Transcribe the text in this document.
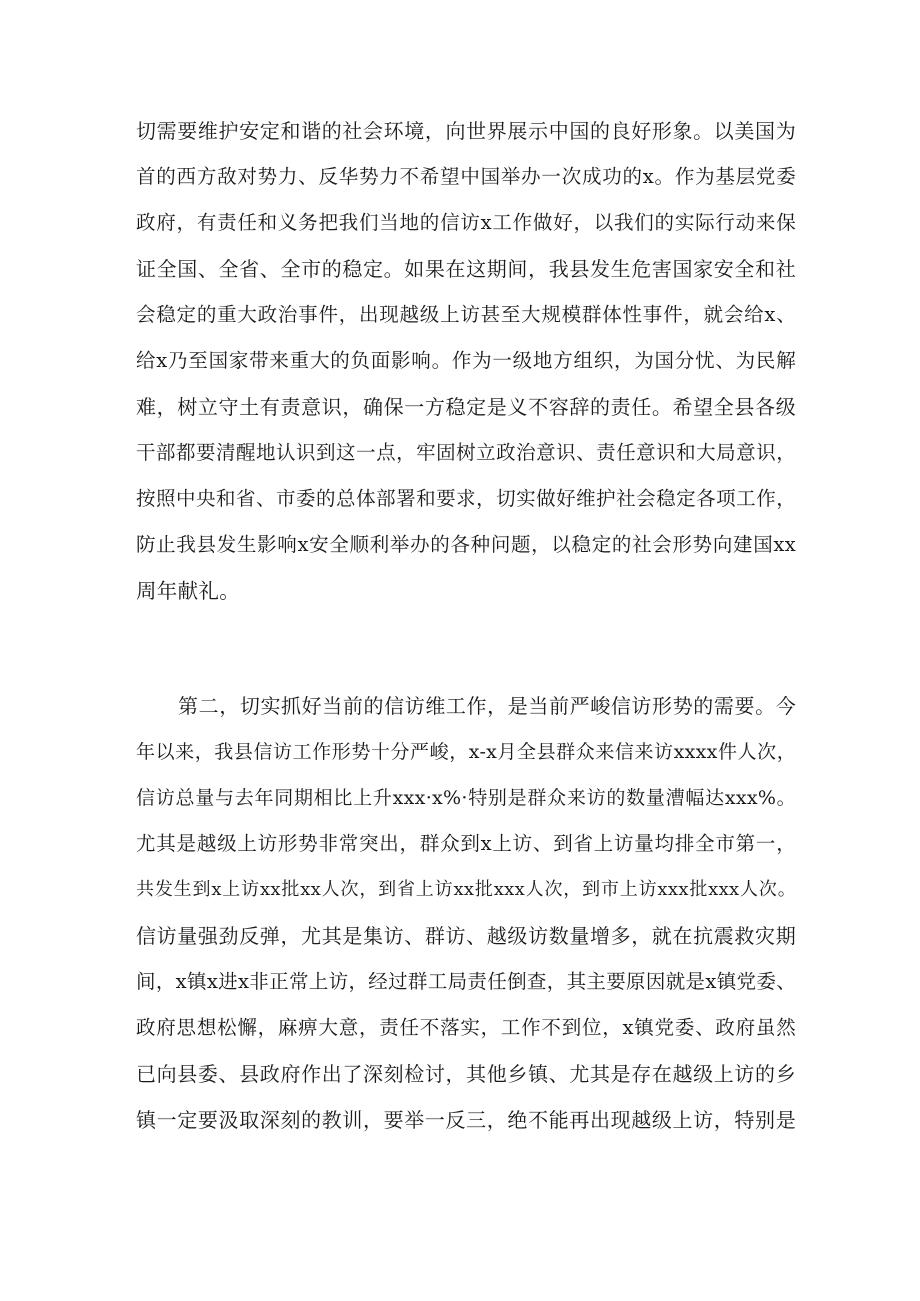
切需要维护安定和谐的社会环境，向世界展示中国的良好形象。以美国为
首的西方敌对势力、反华势力不希望中国举办一次成功的x。作为基层党委
政府，有责任和义务把我们当地的信访x工作做好，以我们的实际行动来保
证全国、全省、全市的稳定。如果在这期间，我县发生危害国家安全和社
会稳定的重大政治事件，出现越级上访甚至大规模群体性事件，就会给x、
给x乃至国家带来重大的负面影响。作为一级地方组织，为国分忧、为民解
难，树立守土有责意识，确保一方稳定是义不容辞的责任。希望全县各级
干部都要清醒地认识到这一点，牢固树立政治意识、责任意识和大局意识，
按照中央和省、市委的总体部署和要求，切实做好维护社会稳定各项工作，
防止我县发生影响x安全顺利举办的各种问题，以稳定的社会形势向建国xx
周年献礼。
第二，切实抓好当前的信访维工作，是当前严峻信访形势的需要。今
年以来，我县信访工作形势十分严峻，x-x月全县群众来信来访xxxx件人次，
信访总量与去年同期相比上升xxx·x%·特别是群众来访的数量漕幅达xxx%。
尤其是越级上访形势非常突出，群众到x上访、到省上访量均排全市第一，
共发生到x上访xx批xx人次，到省上访xx批xxx人次，到市上访xxx批xxx人次。
信访量强劲反弹，尤其是集访、群访、越级访数量增多，就在抗震救灾期
间，x镇x进x非正常上访，经过群工局责任倒查，其主要原因就是x镇党委、
政府思想松懈，麻痹大意，责任不落实，工作不到位，x镇党委、政府虽然
已向县委、县政府作出了深刻检讨，其他乡镇、尤其是存在越级上访的乡
镇一定要汲取深刻的教训，要举一反三，绝不能再出现越级上访，特别是
